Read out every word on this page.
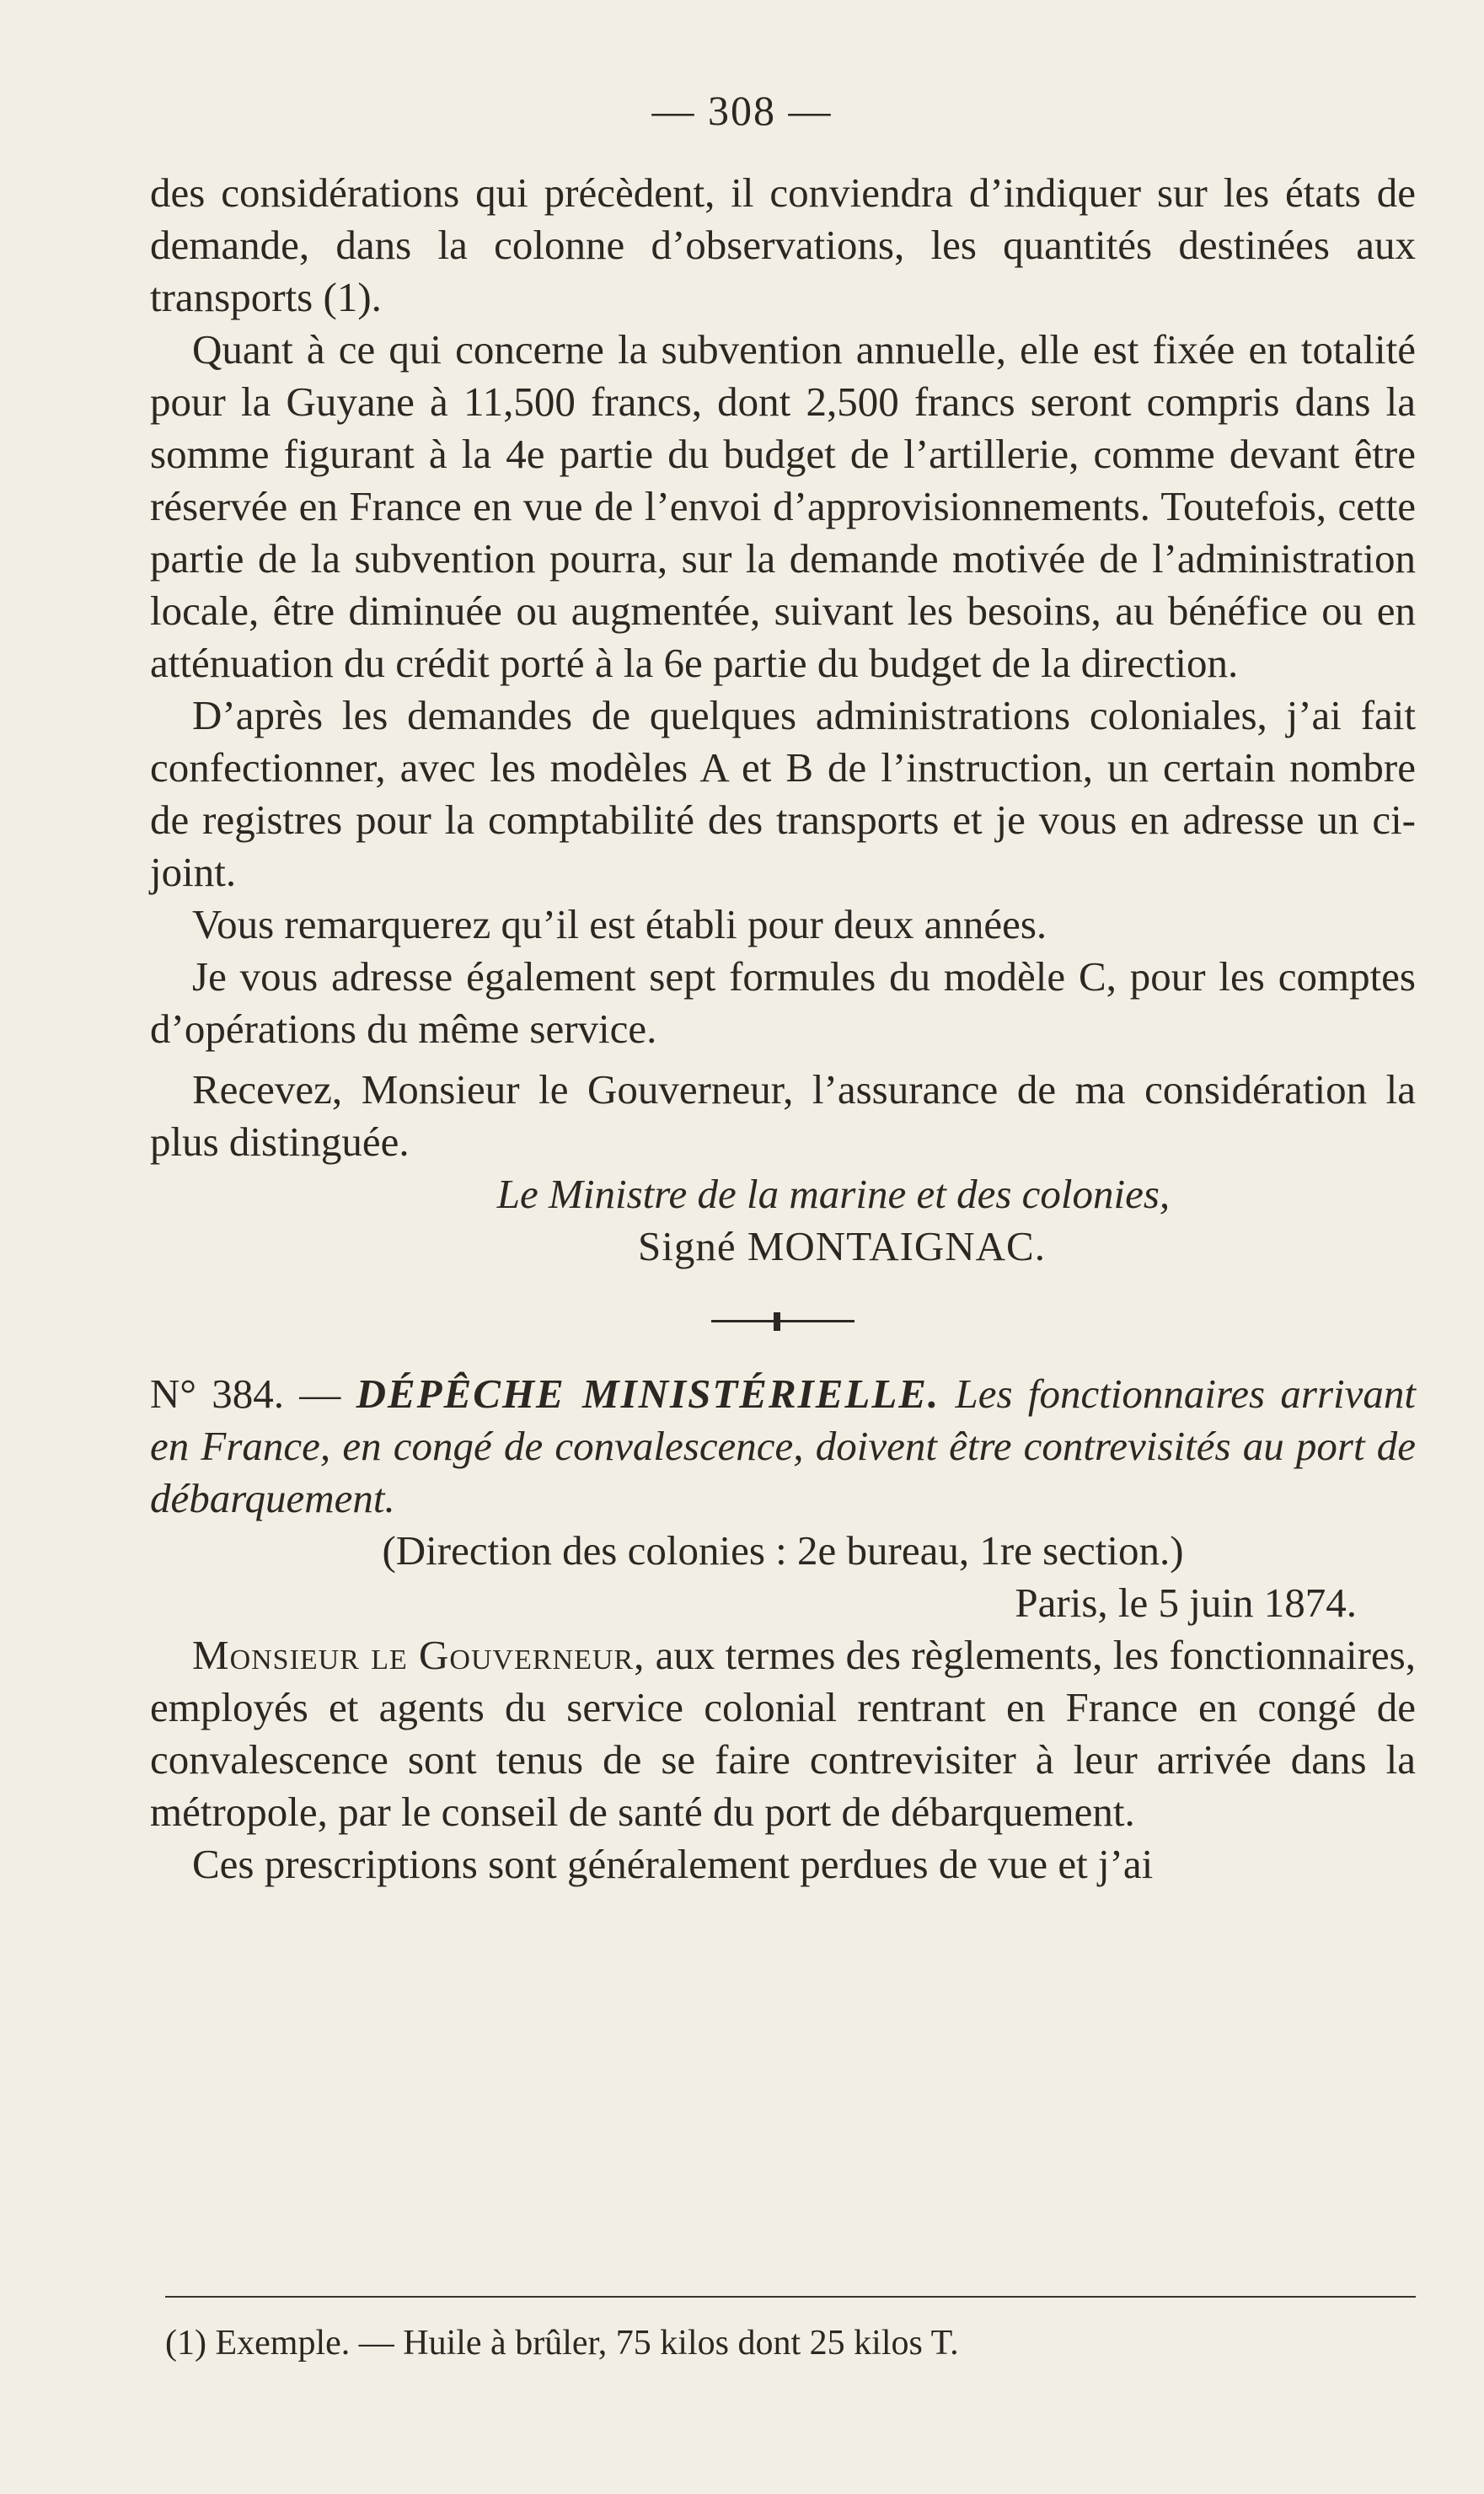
— 308 —

des considérations qui précèdent, il conviendra d’indiquer sur les états de demande, dans la colonne d’observations, les quantités destinées aux transports (1).

Quant à ce qui concerne la subvention annuelle, elle est fixée en totalité pour la Guyane à 11,500 francs, dont 2,500 francs seront compris dans la somme figurant à la 4e partie du budget de l’artillerie, comme devant être réservée en France en vue de l’envoi d’approvisionnements. Toutefois, cette partie de la subvention pourra, sur la demande motivée de l’administration locale, être diminuée ou augmentée, suivant les besoins, au bénéfice ou en atténuation du crédit porté à la 6e partie du budget de la direction.

D’après les demandes de quelques administrations coloniales, j’ai fait confectionner, avec les modèles A et B de l’instruction, un certain nombre de registres pour la comptabilité des transports et je vous en adresse un ci-joint.

Vous remarquerez qu’il est établi pour deux années.

Je vous adresse également sept formules du modèle C, pour les comptes d’opérations du même service.

Recevez, Monsieur le Gouverneur, l’assurance de ma considération la plus distinguée.

Le Ministre de la marine et des colonies,

Signé MONTAIGNAC.

N° 384. — DÉPÊCHE MINISTÉRIELLE. Les fonctionnaires arrivant en France, en congé de convalescence, doivent être contrevisités au port de débarquement.

(Direction des colonies : 2e bureau, 1re section.)

Paris, le 5 juin 1874.

Monsieur le Gouverneur, aux termes des règlements, les fonctionnaires, employés et agents du service colonial rentrant en France en congé de convalescence sont tenus de se faire contrevisiter à leur arrivée dans la métropole, par le conseil de santé du port de débarquement.

Ces prescriptions sont généralement perdues de vue et j’ai

(1) Exemple. — Huile à brûler, 75 kilos dont 25 kilos T.
